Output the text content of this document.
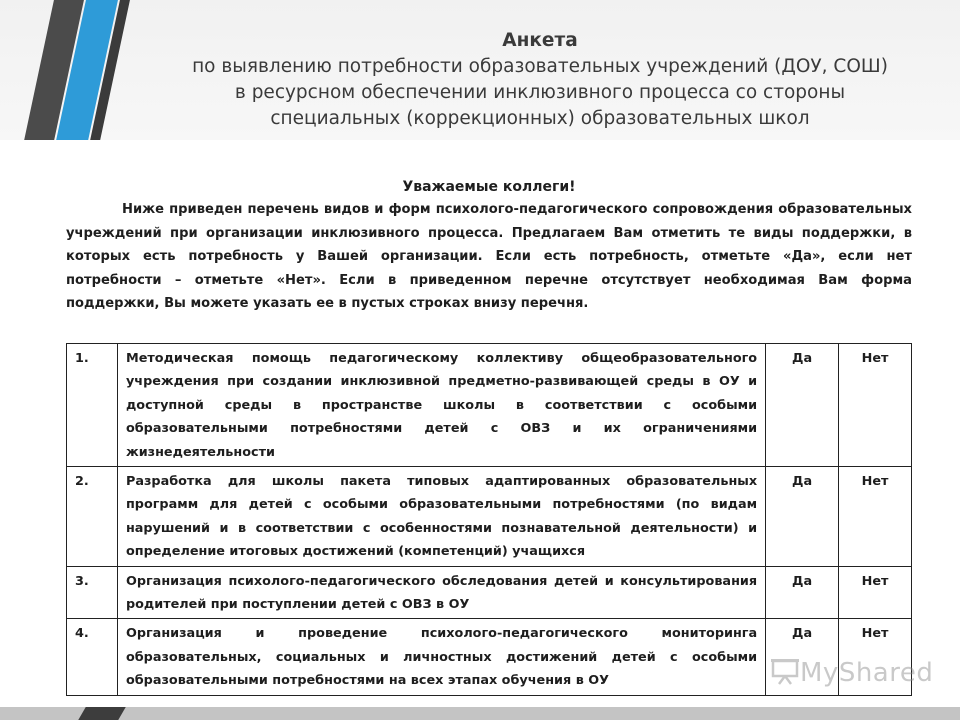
Анкета
по выявлению потребности образовательных учреждений (ДОУ, СОШ)
в ресурсном обеспечении инклюзивного процесса со стороны
специальных (коррекционных) образовательных школ
Уважаемые коллеги!

Ниже приведен перечень видов и форм психолого-педагогического сопровождения образовательных учреждений при организации инклюзивного процесса. Предлагаем Вам отметить те виды поддержки, в которых есть потребность у Вашей организации. Если есть потребность, отметьте «Да», если нет потребности – отметьте «Нет». Если в приведенном перечне отсутствует необходимая Вам форма поддержки, Вы можете указать ее в пустых строках внизу перечня.

1.	Методическая помощь педагогическому коллективу общеобразовательного учреждения при создании инклюзивной предметно-развивающей среды в ОУ и доступной среды в пространстве школы в соответствии с особыми образовательными потребностями детей с ОВЗ и их ограничениями жизнедеятельности	Да	Нет
2.	Разработка для школы пакета типовых адаптированных образовательных программ для детей с особыми образовательными потребностями (по видам нарушений и в соответствии с особенностями познавательной деятельности) и определение итоговых достижений (компетенций) учащихся	Да	Нет
3.	Организация психолого-педагогического обследования детей и консультирования родителей при поступлении детей с ОВЗ в ОУ	Да	Нет
4.	Организация и проведение психолого-педагогического мониторинга образовательных, социальных и личностных достижений детей с особыми образовательными потребностями на всех этапах обучения в ОУ	Да	Нет
MyShared
